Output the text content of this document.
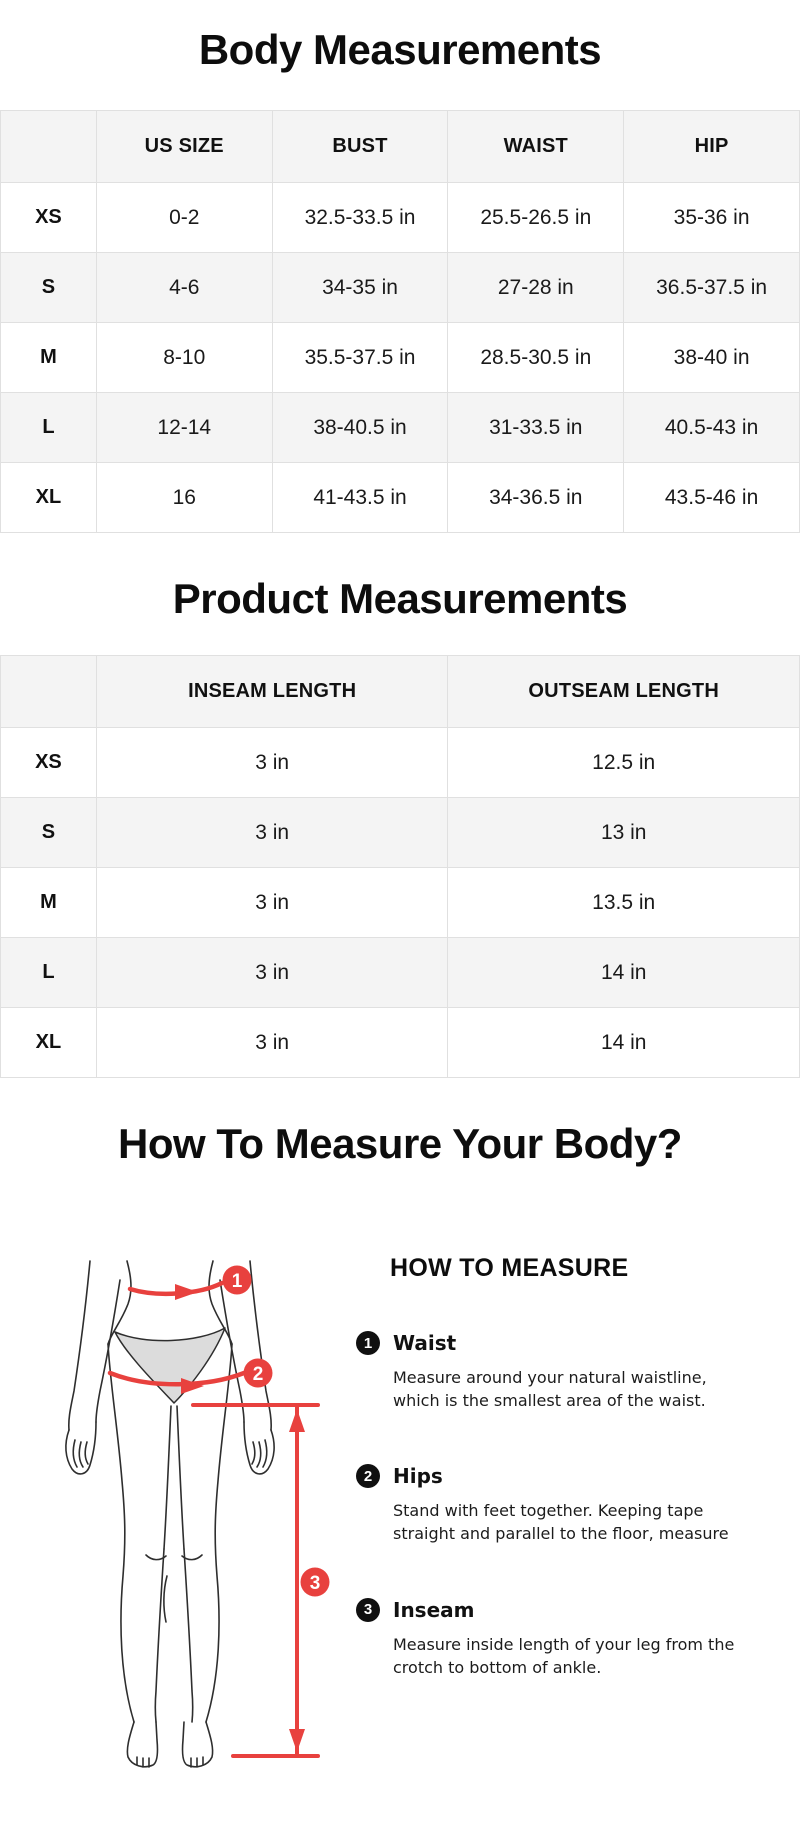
Body Measurements
	US SIZE	BUST	WAIST	HIP
XS	0-2	32.5-33.5 in	25.5-26.5 in	35-36 in
S	4-6	34-35 in	27-28 in	36.5-37.5 in
M	8-10	35.5-37.5 in	28.5-30.5 in	38-40 in
L	12-14	38-40.5 in	31-33.5 in	40.5-43 in
XL	16	41-43.5 in	34-36.5 in	43.5-46 in
Product Measurements
	INSEAM LENGTH	OUTSEAM LENGTH
XS	3 in	12.5 in
S	3 in	13 in
M	3 in	13.5 in
L	3 in	14 in
XL	3 in	14 in
How To Measure Your Body?
1
2
3
HOW TO MEASURE
1	Waist
Measure around your natural waistline, which is the smallest area of the waist.
2	Hips
Stand with feet together. Keeping tape straight and parallel to the floor, measure
3	Inseam
Measure inside length of your leg from the crotch to bottom of ankle.
